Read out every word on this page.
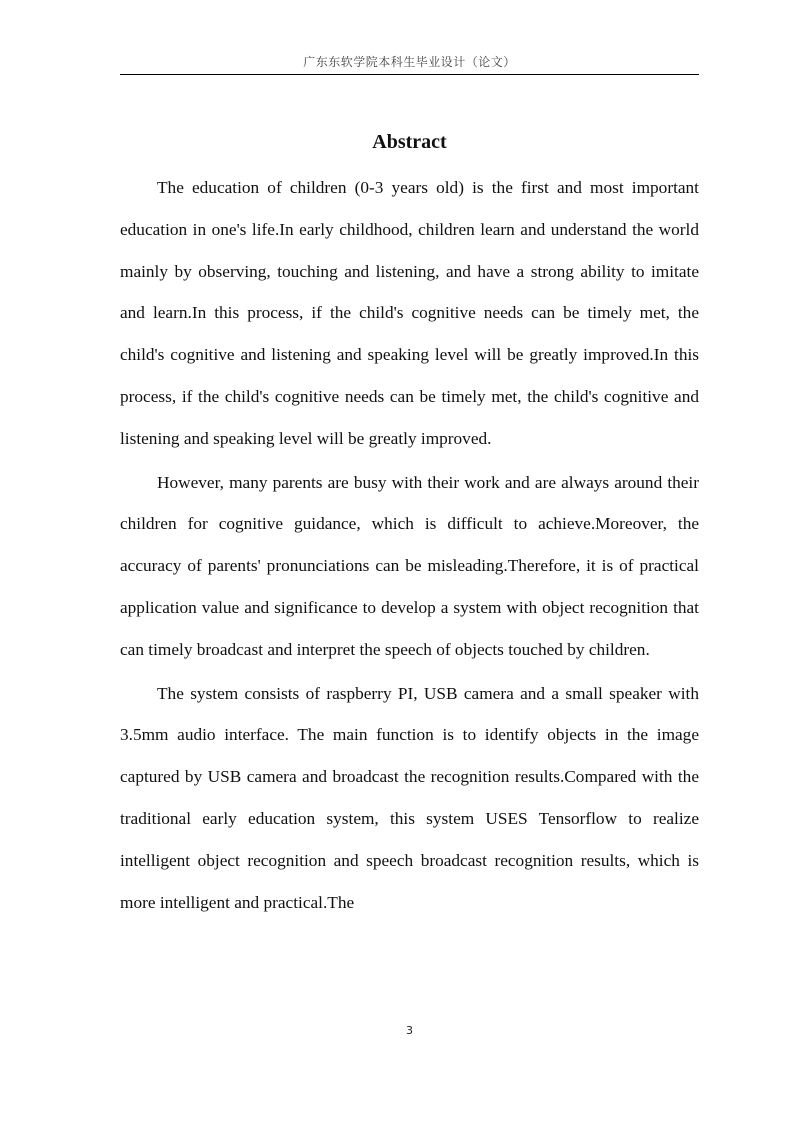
广东东软学院本科生毕业设计（论文）
Abstract

The education of children (0-3 years old) is the first and most important education in one's life.In early childhood, children learn and understand the world mainly by observing, touching and listening, and have a strong ability to imitate and learn.In this process, if the child's cognitive needs can be timely met, the child's cognitive and listening and speaking level will be greatly improved.In this process, if the child's cognitive needs can be timely met, the child's cognitive and listening and speaking level will be greatly improved.

However, many parents are busy with their work and are always around their children for cognitive guidance, which is difficult to achieve.Moreover, the accuracy of parents' pronunciations can be misleading.Therefore, it is of practical application value and significance to develop a system with object recognition that can timely broadcast and interpret the speech of objects touched by children.

The system consists of raspberry PI, USB camera and a small speaker with 3.5mm audio interface. The main function is to identify objects in the image captured by USB camera and broadcast the recognition results.Compared with the traditional early education system, this system USES Tensorflow to realize intelligent object recognition and speech broadcast recognition results, which is more intelligent and practical.The

3
